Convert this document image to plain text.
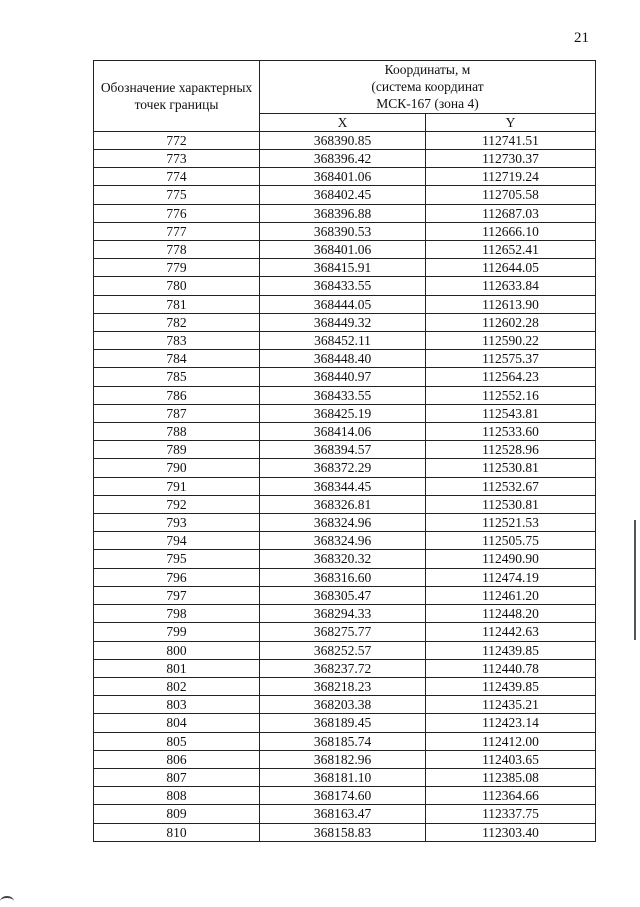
21
Обозначение характерных точек границы	Координаты, м
(система координат
МСК-167 (зона 4)	

	X	Y
772	368390.85	112741.51
773	368396.42	112730.37
774	368401.06	112719.24
775	368402.45	112705.58
776	368396.88	112687.03
777	368390.53	112666.10
778	368401.06	112652.41
779	368415.91	112644.05
780	368433.55	112633.84
781	368444.05	112613.90
782	368449.32	112602.28
783	368452.11	112590.22
784	368448.40	112575.37
785	368440.97	112564.23
786	368433.55	112552.16
787	368425.19	112543.81
788	368414.06	112533.60
789	368394.57	112528.96
790	368372.29	112530.81
791	368344.45	112532.67
792	368326.81	112530.81
793	368324.96	112521.53
794	368324.96	112505.75
795	368320.32	112490.90
796	368316.60	112474.19
797	368305.47	112461.20
798	368294.33	112448.20
799	368275.77	112442.63
800	368252.57	112439.85
801	368237.72	112440.78
802	368218.23	112439.85
803	368203.38	112435.21
804	368189.45	112423.14
805	368185.74	112412.00
806	368182.96	112403.65
807	368181.10	112385.08
808	368174.60	112364.66
809	368163.47	112337.75
810	368158.83	112303.40
